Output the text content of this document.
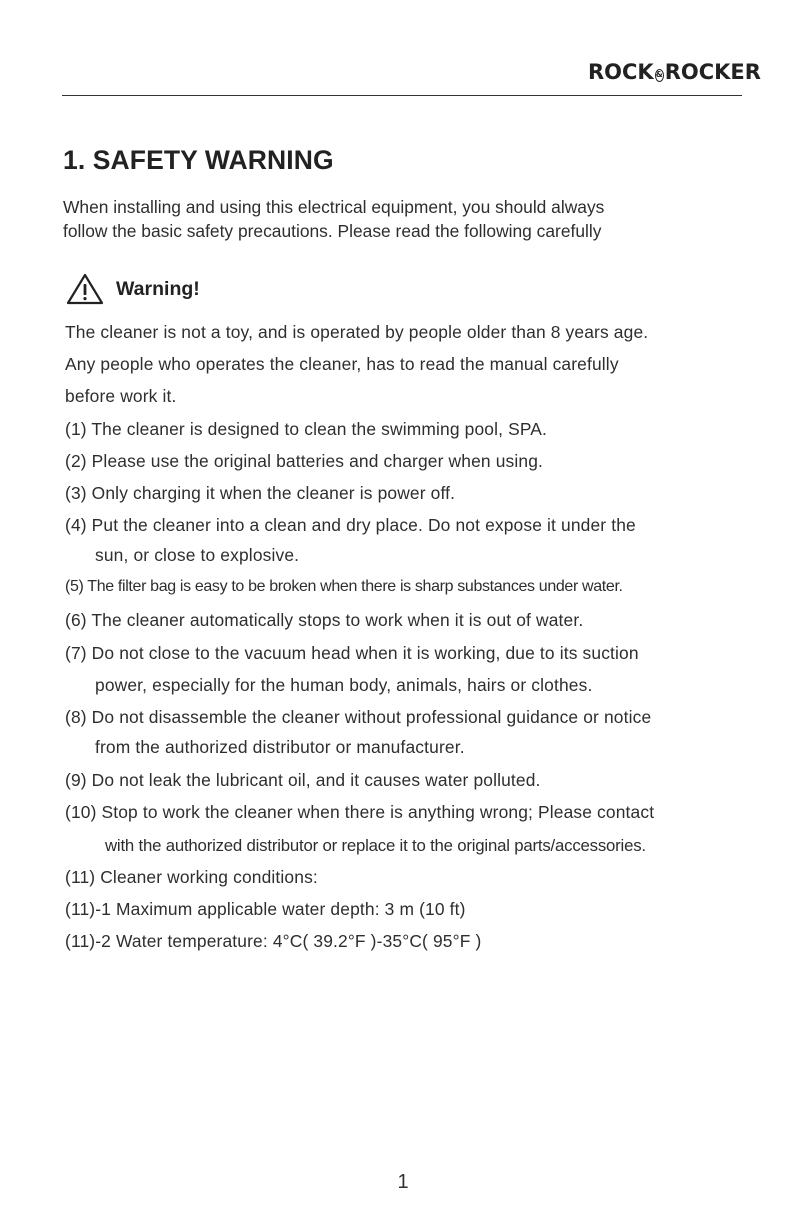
ROCK & ROCKER
1. SAFETY WARNING
When installing and using this electrical equipment, you should always
follow the basic safety precautions. Please read the following carefully
Warning!
The cleaner is not a toy, and is operated by people older than 8 years age.
Any people who operates the cleaner, has to read the manual carefully
before work it.
(1) The cleaner is designed to clean the swimming pool, SPA.
(2) Please use the original batteries and charger when using.
(3) Only charging it when the cleaner is power off.
(4) Put the cleaner into a clean and dry place. Do not expose it under the
sun, or close to explosive.
(5) The filter bag is easy to be broken when there is sharp substances under water.
(6) The cleaner automatically stops to work when it is out of water.
(7) Do not close to the vacuum head when it is working, due to its suction
power, especially for the human body, animals, hairs or clothes.
(8) Do not disassemble the cleaner without professional guidance or notice
from the authorized distributor or manufacturer.
(9) Do not leak the lubricant oil, and it causes water polluted.
(10) Stop to work the cleaner when there is anything wrong; Please contact
with the authorized distributor or replace it to the original parts/accessories.
(11) Cleaner working conditions:
(11)-1 Maximum applicable water depth: 3 m (10 ft)
(11)-2 Water temperature: 4°C( 39.2°F )-35°C( 95°F )
1
